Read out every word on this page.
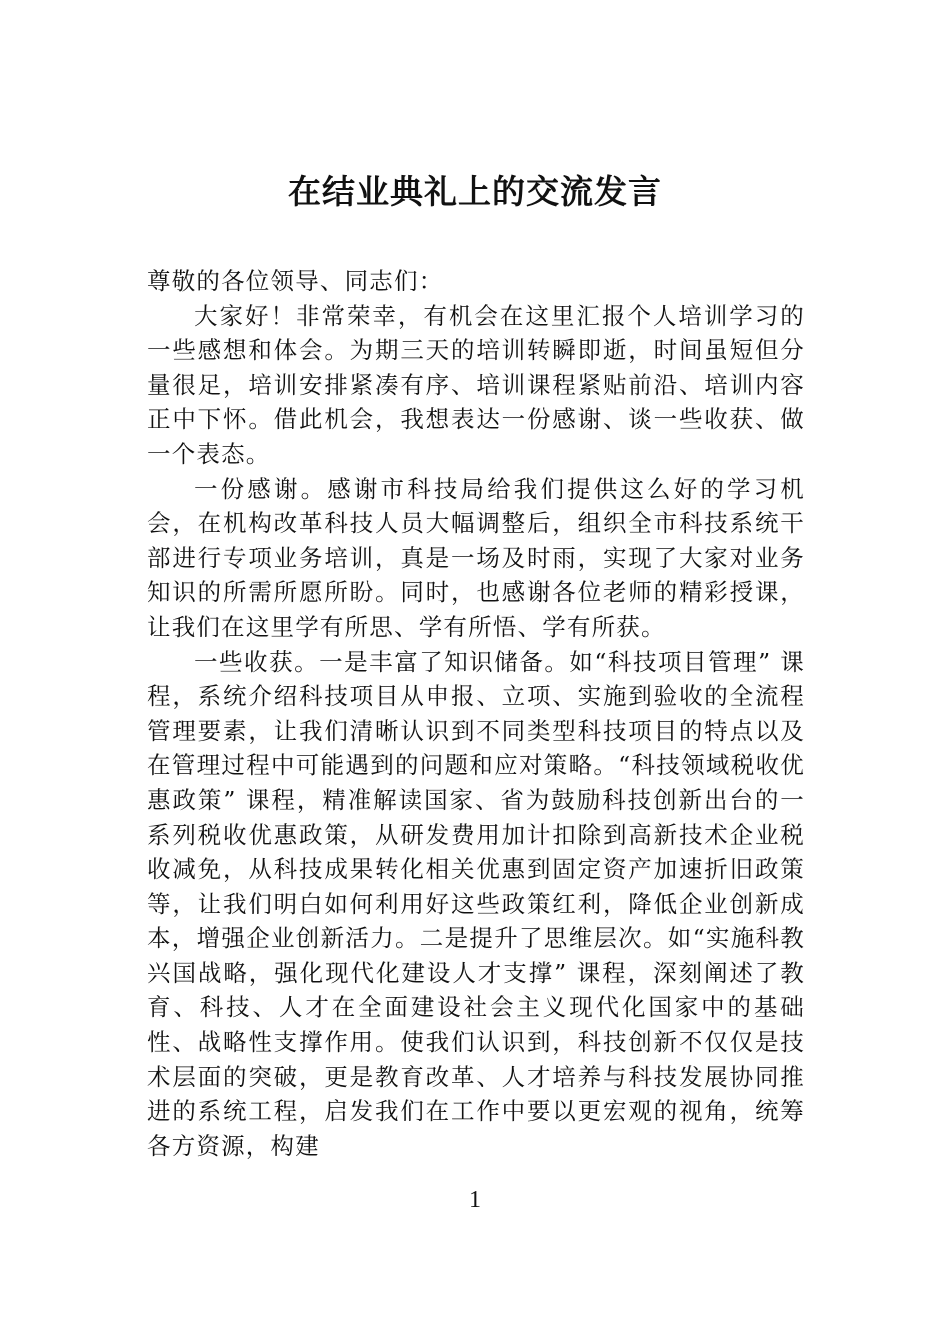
在结业典礼上的交流发言

尊敬的各位领导、同志们：

大家好！非常荣幸，有机会在这里汇报个人培训学习的一些感想和体会。为期三天的培训转瞬即逝，时间虽短但分量很足，培训安排紧凑有序、培训课程紧贴前沿、培训内容正中下怀。借此机会，我想表达一份感谢、谈一些收获、做一个表态。

一份感谢。感谢市科技局给我们提供这么好的学习机会，在机构改革科技人员大幅调整后，组织全市科技系统干部进行专项业务培训，真是一场及时雨，实现了大家对业务知识的所需所愿所盼。同时，也感谢各位老师的精彩授课，让我们在这里学有所思、学有所悟、学有所获。

一些收获。一是丰富了知识储备。如“科技项目管理” 课程，系统介绍科技项目从申报、立项、实施到验收的全流程管理要素，让我们清晰认识到不同类型科技项目的特点以及在管理过程中可能遇到的问题和应对策略。“科技领域税收优惠政策” 课程，精准解读国家、省为鼓励科技创新出台的一系列税收优惠政策，从研发费用加计扣除到高新技术企业税收减免，从科技成果转化相关优惠到固定资产加速折旧政策等，让我们明白如何利用好这些政策红利，降低企业创新成本，增强企业创新活力。二是提升了思维层次。如“实施科教兴国战略，强化现代化建设人才支撑” 课程，深刻阐述了教育、科技、人才在全面建设社会主义现代化国家中的基础性、战略性支撑作用。使我们认识到，科技创新不仅仅是技术层面的突破，更是教育改革、人才培养与科技发展协同推进的系统工程，启发我们在工作中要以更宏观的视角，统筹各方资源，构建

1
